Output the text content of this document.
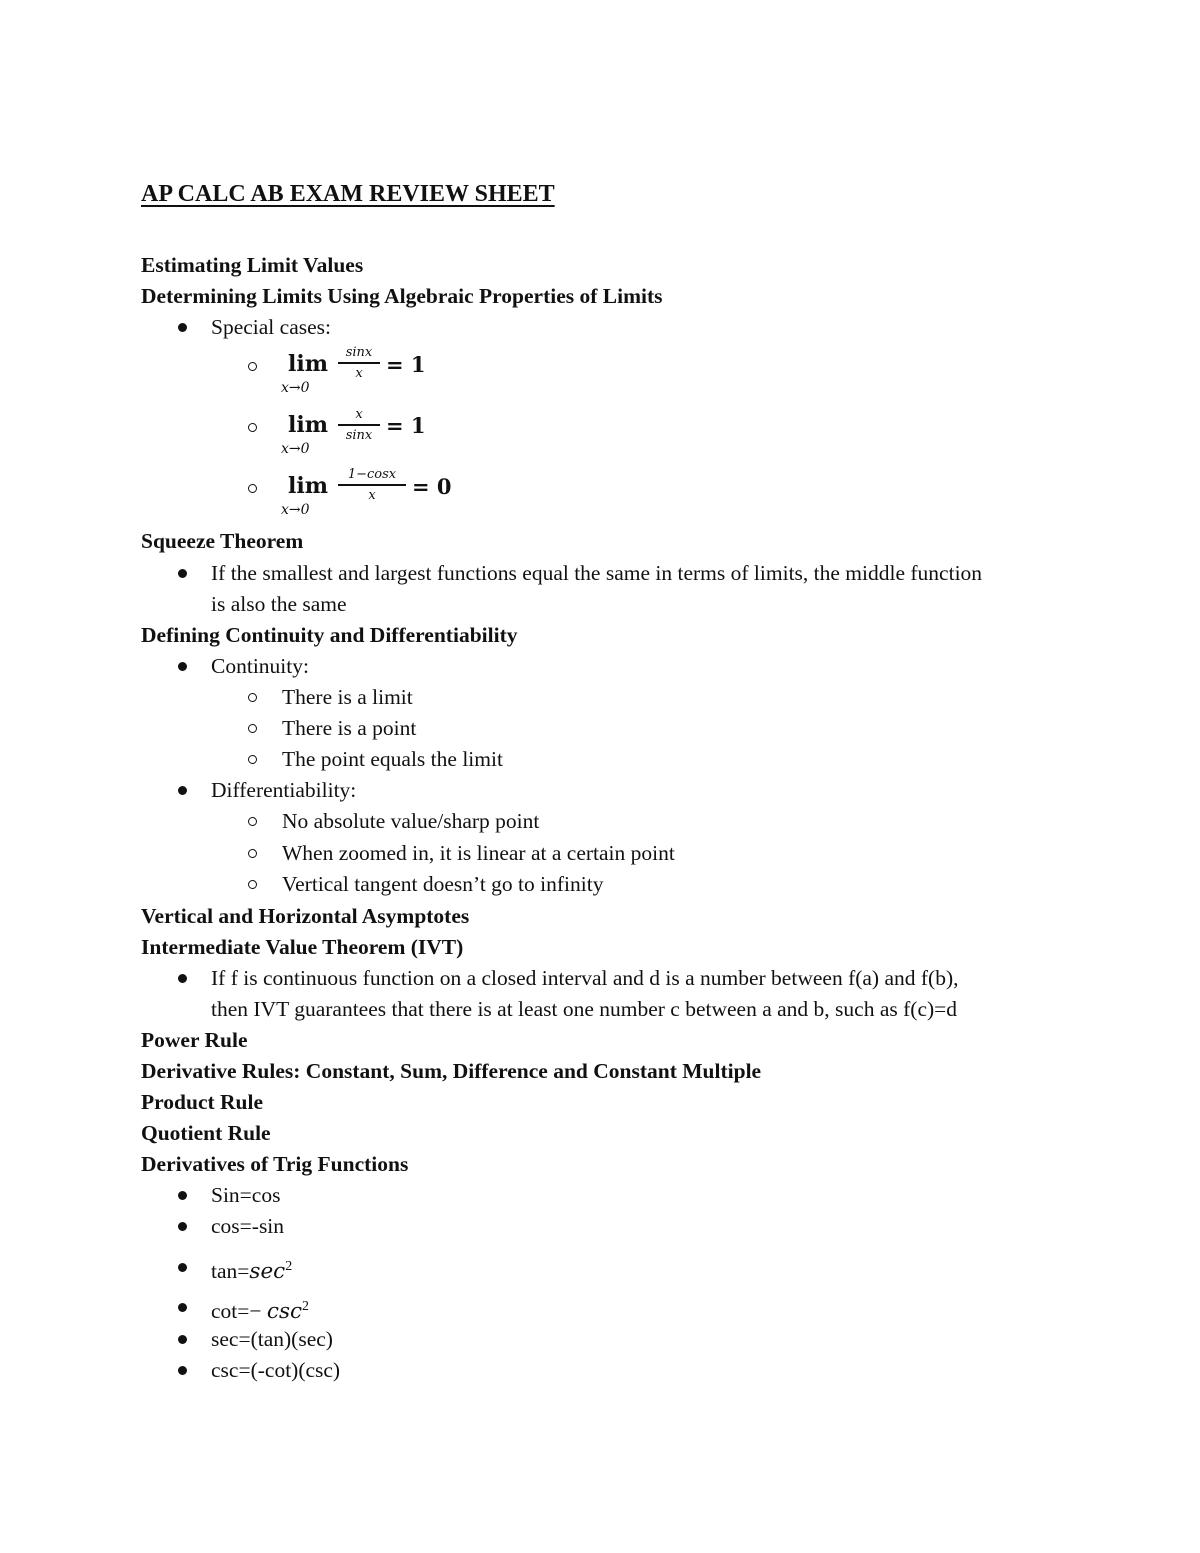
AP CALC AB EXAM REVIEW SHEET
Estimating Limit Values
Determining Limits Using Algebraic Properties of Limits
Special cases:
lim
x→0
sinx
x	= 1
lim
x→0
x
sinx = 1
lim
x→0
1−cosx
x	= 0
Squeeze Theorem
If the smallest and largest functions equal the same in terms of limits, the middle function
is also the same
Defining Continuity and Differentiability
Continuity:
There is a limit
There is a point
The point equals the limit
Differentiability:
No absolute value/sharp point
When zoomed in, it is linear at a certain point
Vertical tangent doesn’t go to infinity
Vertical and Horizontal Asymptotes
Intermediate Value Theorem (IVT)
If f is continuous function on a closed interval and d is a number between f(a) and f(b),
then IVT guarantees that there is at least one number c between a and b, such as f(c)=d
Power Rule
Derivative Rules: Constant, Sum, Difference and Constant Multiple
Product Rule
Quotient Rule
Derivatives of Trig Functions
Sin=cos
cos=-sin
$\tan=\sec^2$
$\cot=- \csc^2$
sec=(tan)(sec)
csc=(-cot)(csc)
